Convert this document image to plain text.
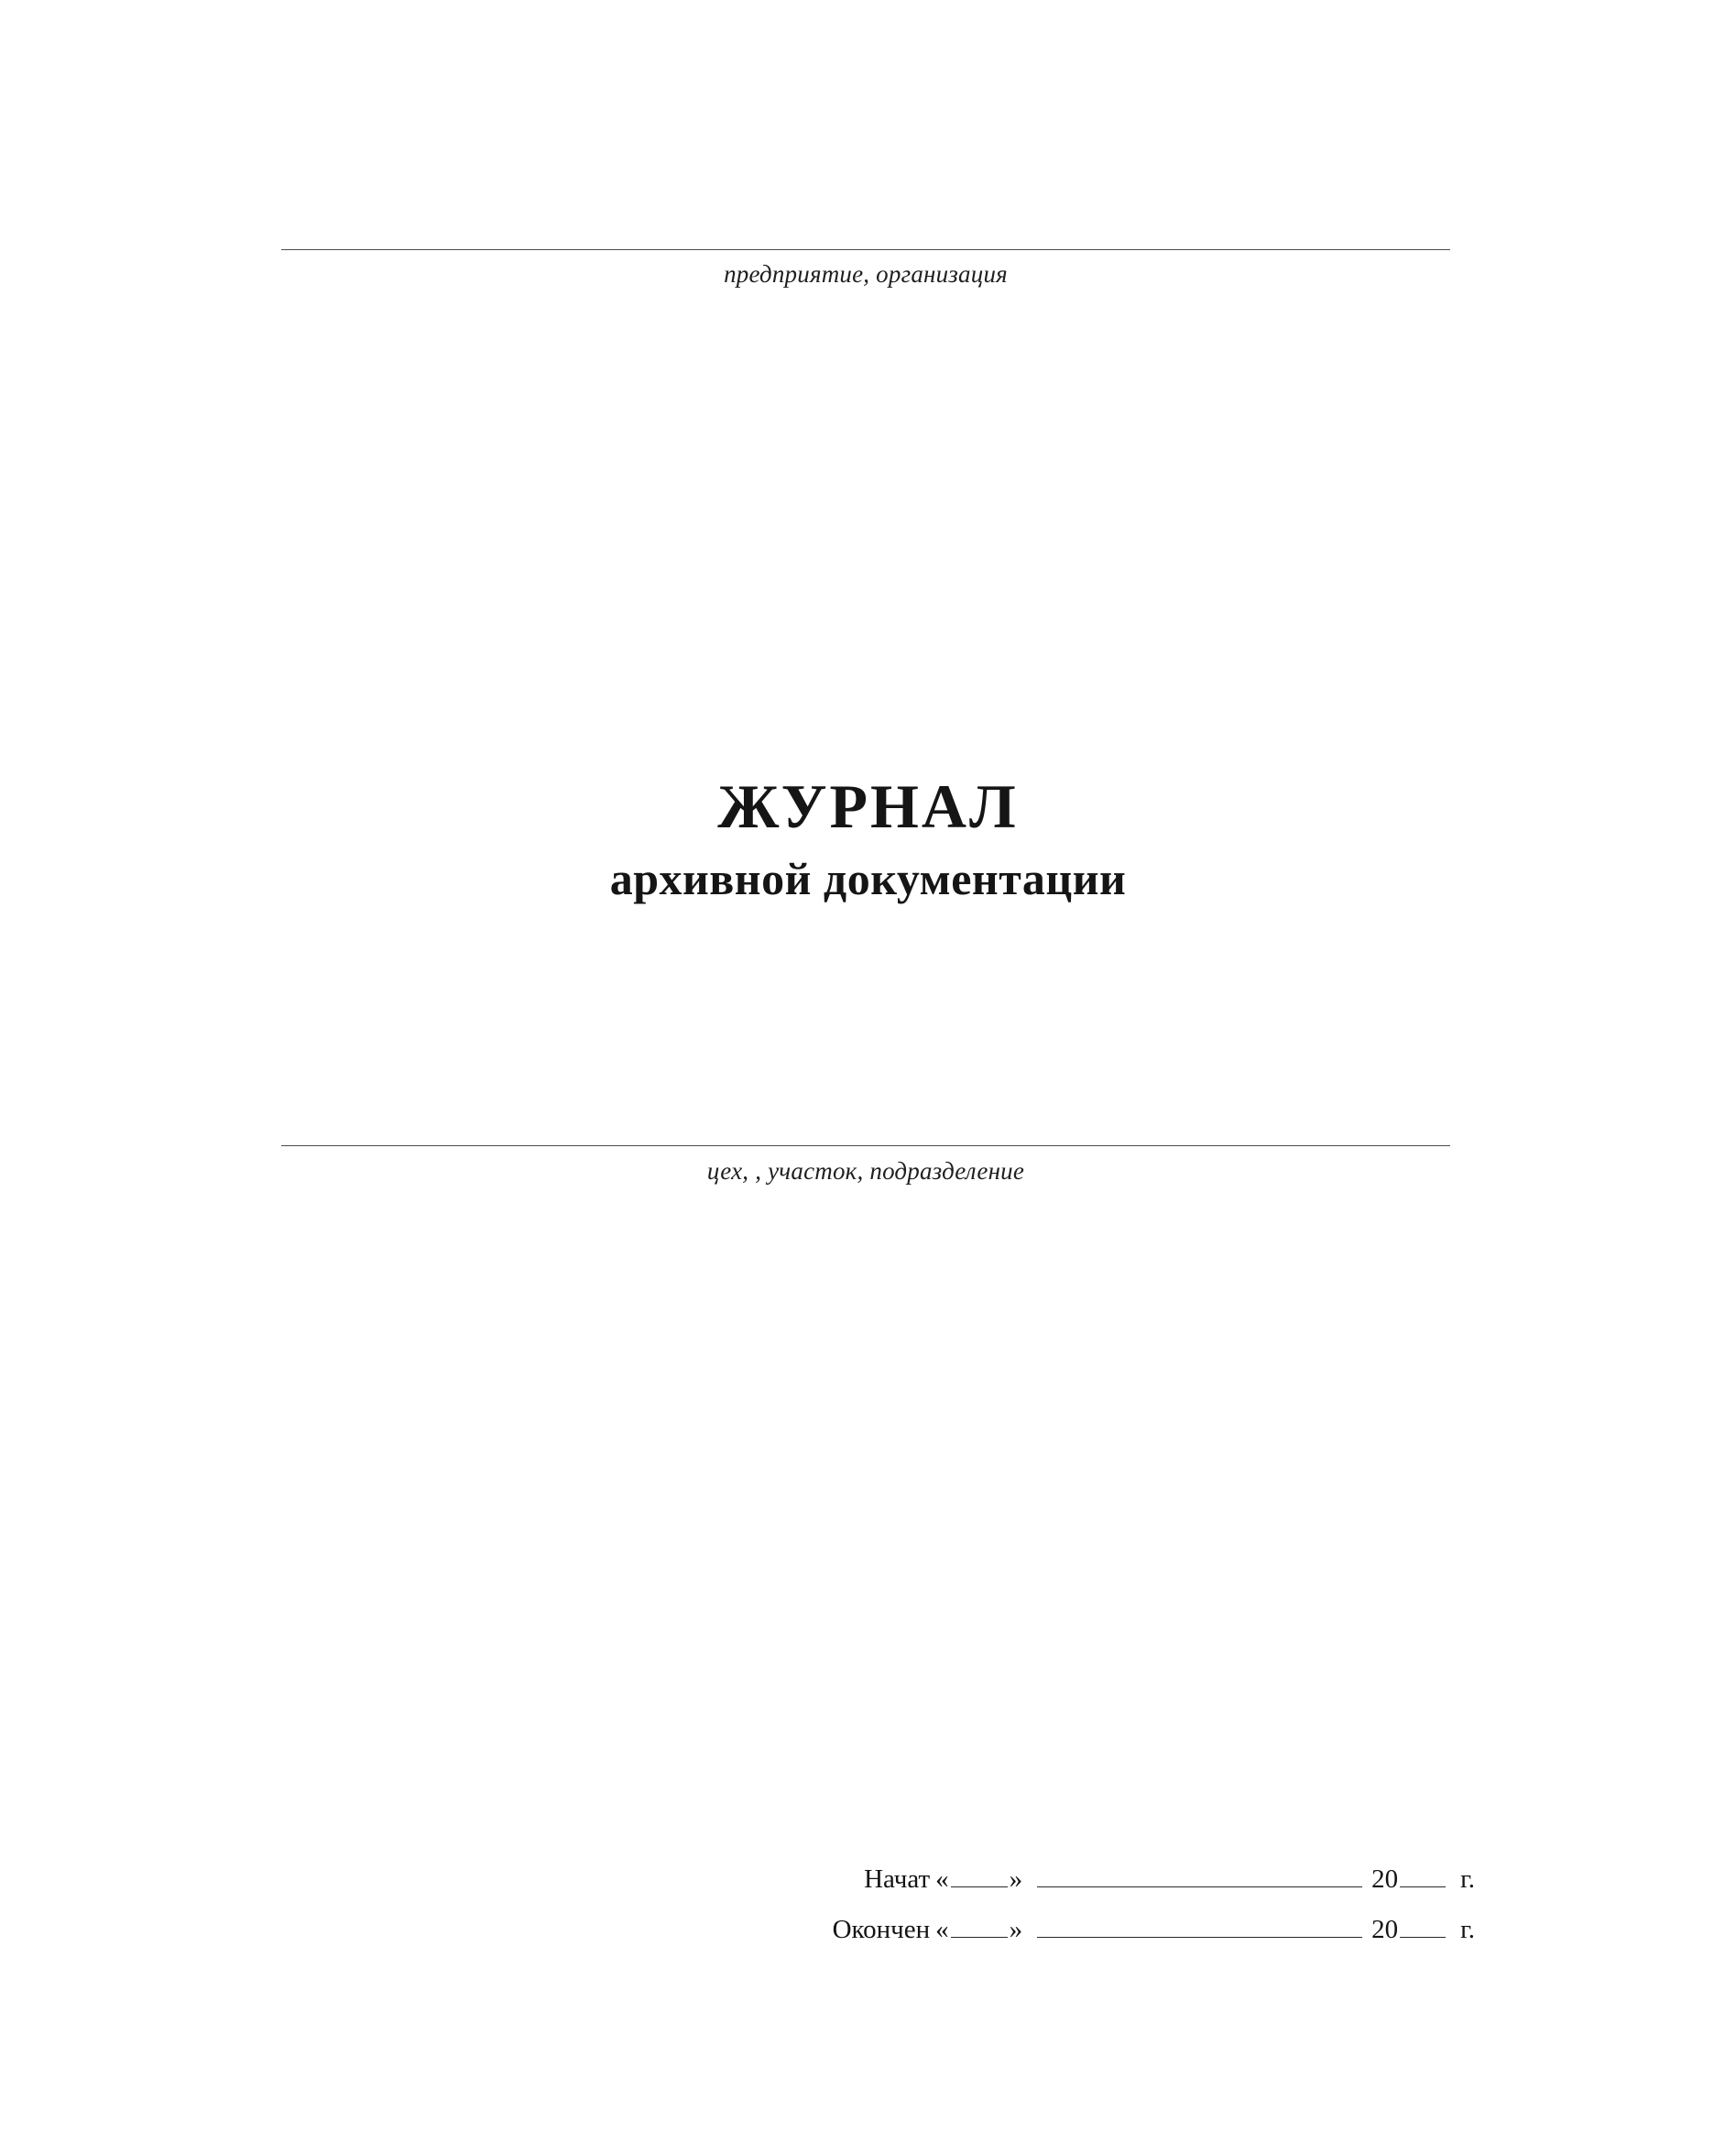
предприятие, организация
ЖУРНАЛ
архивной документации
цех, , участок, подразделение
Начат « »	20 г.
Окончен « »	20 г.
